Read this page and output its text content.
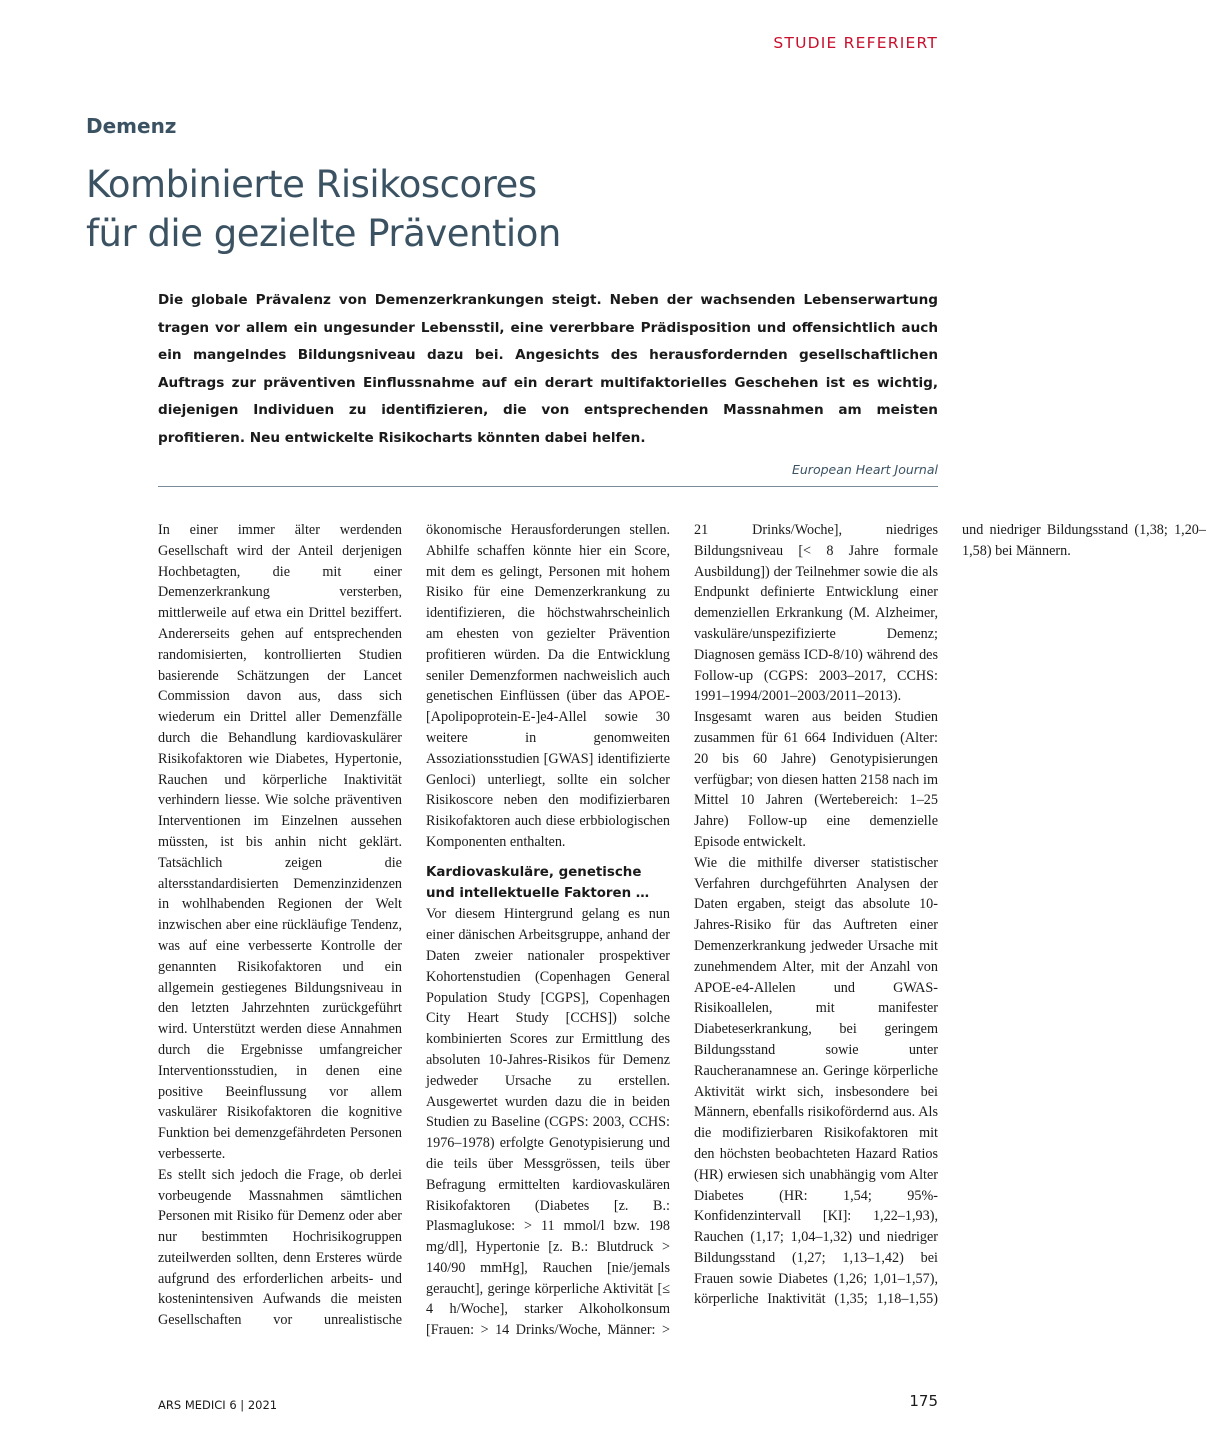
STUDIE REFERIERT
Demenz
Kombinierte Risikoscores
für die gezielte Prävention

Die globale Prävalenz von Demenzerkrankungen steigt. Neben der wachsenden Lebenserwartung tragen vor allem ein ungesunder Lebensstil, eine vererbbare Prädisposition und offensichtlich auch ein mangelndes Bildungsniveau dazu bei. Angesichts des herausfordernden gesellschaftlichen Auftrags zur präventiven Einflussnahme auf ein derart multifaktorielles Geschehen ist es wichtig, diejenigen Individuen zu identifizieren, die von entsprechenden Massnahmen am meisten profitieren. Neu entwickelte Risikocharts könnten dabei helfen.

European Heart Journal

In einer immer älter werdenden Gesellschaft wird der Anteil derjenigen Hochbetagten, die mit einer Demenzerkrankung versterben, mittlerweile auf etwa ein Drittel beziffert. Andererseits gehen auf entsprechenden randomisierten, kontrollierten Studien basierende Schätzungen der Lancet Commission davon aus, dass sich wiederum ein Drittel aller Demenzfälle durch die Behandlung kardiovaskulärer Risikofaktoren wie Diabetes, Hypertonie, Rauchen und körperliche Inaktivität verhindern liesse. Wie solche präventiven Interventionen im Einzelnen aussehen müssten, ist bis anhin nicht geklärt. Tatsächlich zeigen die altersstandardisierten Demenzinzidenzen in wohlhabenden Regionen der Welt inzwischen aber eine rückläufige Tendenz, was auf eine verbesserte Kontrolle der genannten Risikofaktoren und ein allgemein gestiegenes Bildungsniveau in den letzten Jahrzehnten zurückgeführt wird. Unterstützt werden diese Annahmen durch die Ergebnisse umfangreicher Interventionsstudien, in denen eine positive Beeinflussung vor allem vaskulärer Risikofaktoren die kognitive Funktion bei demenzgefährdeten Personen verbesserte.

Es stellt sich jedoch die Frage, ob derlei vorbeugende Massnahmen sämtlichen Personen mit Risiko für Demenz oder aber nur bestimmten Hochrisikogruppen zuteilwerden sollten, denn Ersteres würde aufgrund des erforderlichen arbeits- und kostenintensiven Aufwands die meisten Gesellschaften vor unrealistische ökonomische Herausforderungen stellen. Abhilfe schaffen könnte hier ein Score, mit dem es gelingt, Personen mit hohem Risiko für eine Demenzerkrankung zu identifizieren, die höchstwahrscheinlich am ehesten von gezielter Prävention profitieren würden. Da die Entwicklung seniler Demenzformen nachweislich auch genetischen Einflüssen (über das APOE-[Apolipoprotein-E-]e4-Allel sowie 30 weitere in genomweiten Assoziationsstudien [GWAS] identifizierte Genloci) unterliegt, sollte ein solcher Risikoscore neben den modifizierbaren Risikofaktoren auch diese erbbiologischen Komponenten enthalten.

Kardiovaskuläre, genetische und intellektuelle Faktoren …

Vor diesem Hintergrund gelang es nun einer dänischen Arbeitsgruppe, anhand der Daten zweier nationaler prospektiver Kohortenstudien (Copenhagen General Population Study [CGPS], Copenhagen City Heart Study [CCHS]) solche kombinierten Scores zur Ermittlung des absoluten 10-Jahres-Risikos für Demenz jedweder Ursache zu erstellen. Ausgewertet wurden dazu die in beiden Studien zu Baseline (CGPS: 2003, CCHS: 1976–1978) erfolgte Genotypisierung und die teils über Messgrössen, teils über Befragung ermittelten kardiovaskulären Risikofaktoren (Diabetes [z. B.: Plasmaglukose: > 11 mmol/l bzw. 198 mg/dl], Hypertonie [z. B.: Blutdruck > 140/90 mmHg], Rauchen [nie/jemals geraucht], geringe körperliche Aktivität [≤ 4 h/Woche], starker Alkoholkonsum [Frauen: > 14 Drinks/Woche, Männer: > 21 Drinks/Woche], niedriges Bildungsniveau [< 8 Jahre formale Ausbildung]) der Teilnehmer sowie die als Endpunkt definierte Entwicklung einer demenziellen Erkrankung (M. Alzheimer, vaskuläre/unspezifizierte Demenz; Diagnosen gemäss ICD-8/10) während des Follow-up (CGPS: 2003–2017, CCHS: 1991–1994/2001–2003/2011–2013). Insgesamt waren aus beiden Studien zusammen für 61 664 Individuen (Alter: 20 bis 60 Jahre) Genotypisierungen verfügbar; von diesen hatten 2158 nach im Mittel 10 Jahren (Wertebereich: 1–25 Jahre) Follow-up eine demenzielle Episode entwickelt.

Wie die mithilfe diverser statistischer Verfahren durchgeführten Analysen der Daten ergaben, steigt das absolute 10-Jahres-Risiko für das Auftreten einer Demenzerkrankung jedweder Ursache mit zunehmendem Alter, mit der Anzahl von APOE-e4-Allelen und GWAS-Risikoallelen, mit manifester Diabeteserkrankung, bei geringem Bildungsstand sowie unter Raucheranamnese an. Geringe körperliche Aktivität wirkt sich, insbesondere bei Männern, ebenfalls risikofördernd aus. Als die modifizierbaren Risikofaktoren mit den höchsten beobachteten Hazard Ratios (HR) erwiesen sich unabhängig vom Alter Diabetes (HR: 1,54; 95%-Konfidenzintervall [KI]: 1,22–1,93), Rauchen (1,17; 1,04–1,32) und niedriger Bildungsstand (1,27; 1,13–1,42) bei Frauen sowie Diabetes (1,26; 1,01–1,57), körperliche Inaktivität (1,35; 1,18–1,55) und niedriger Bildungsstand (1,38; 1,20–1,58) bei Männern.

ARS MEDICI 6 | 2021	175
